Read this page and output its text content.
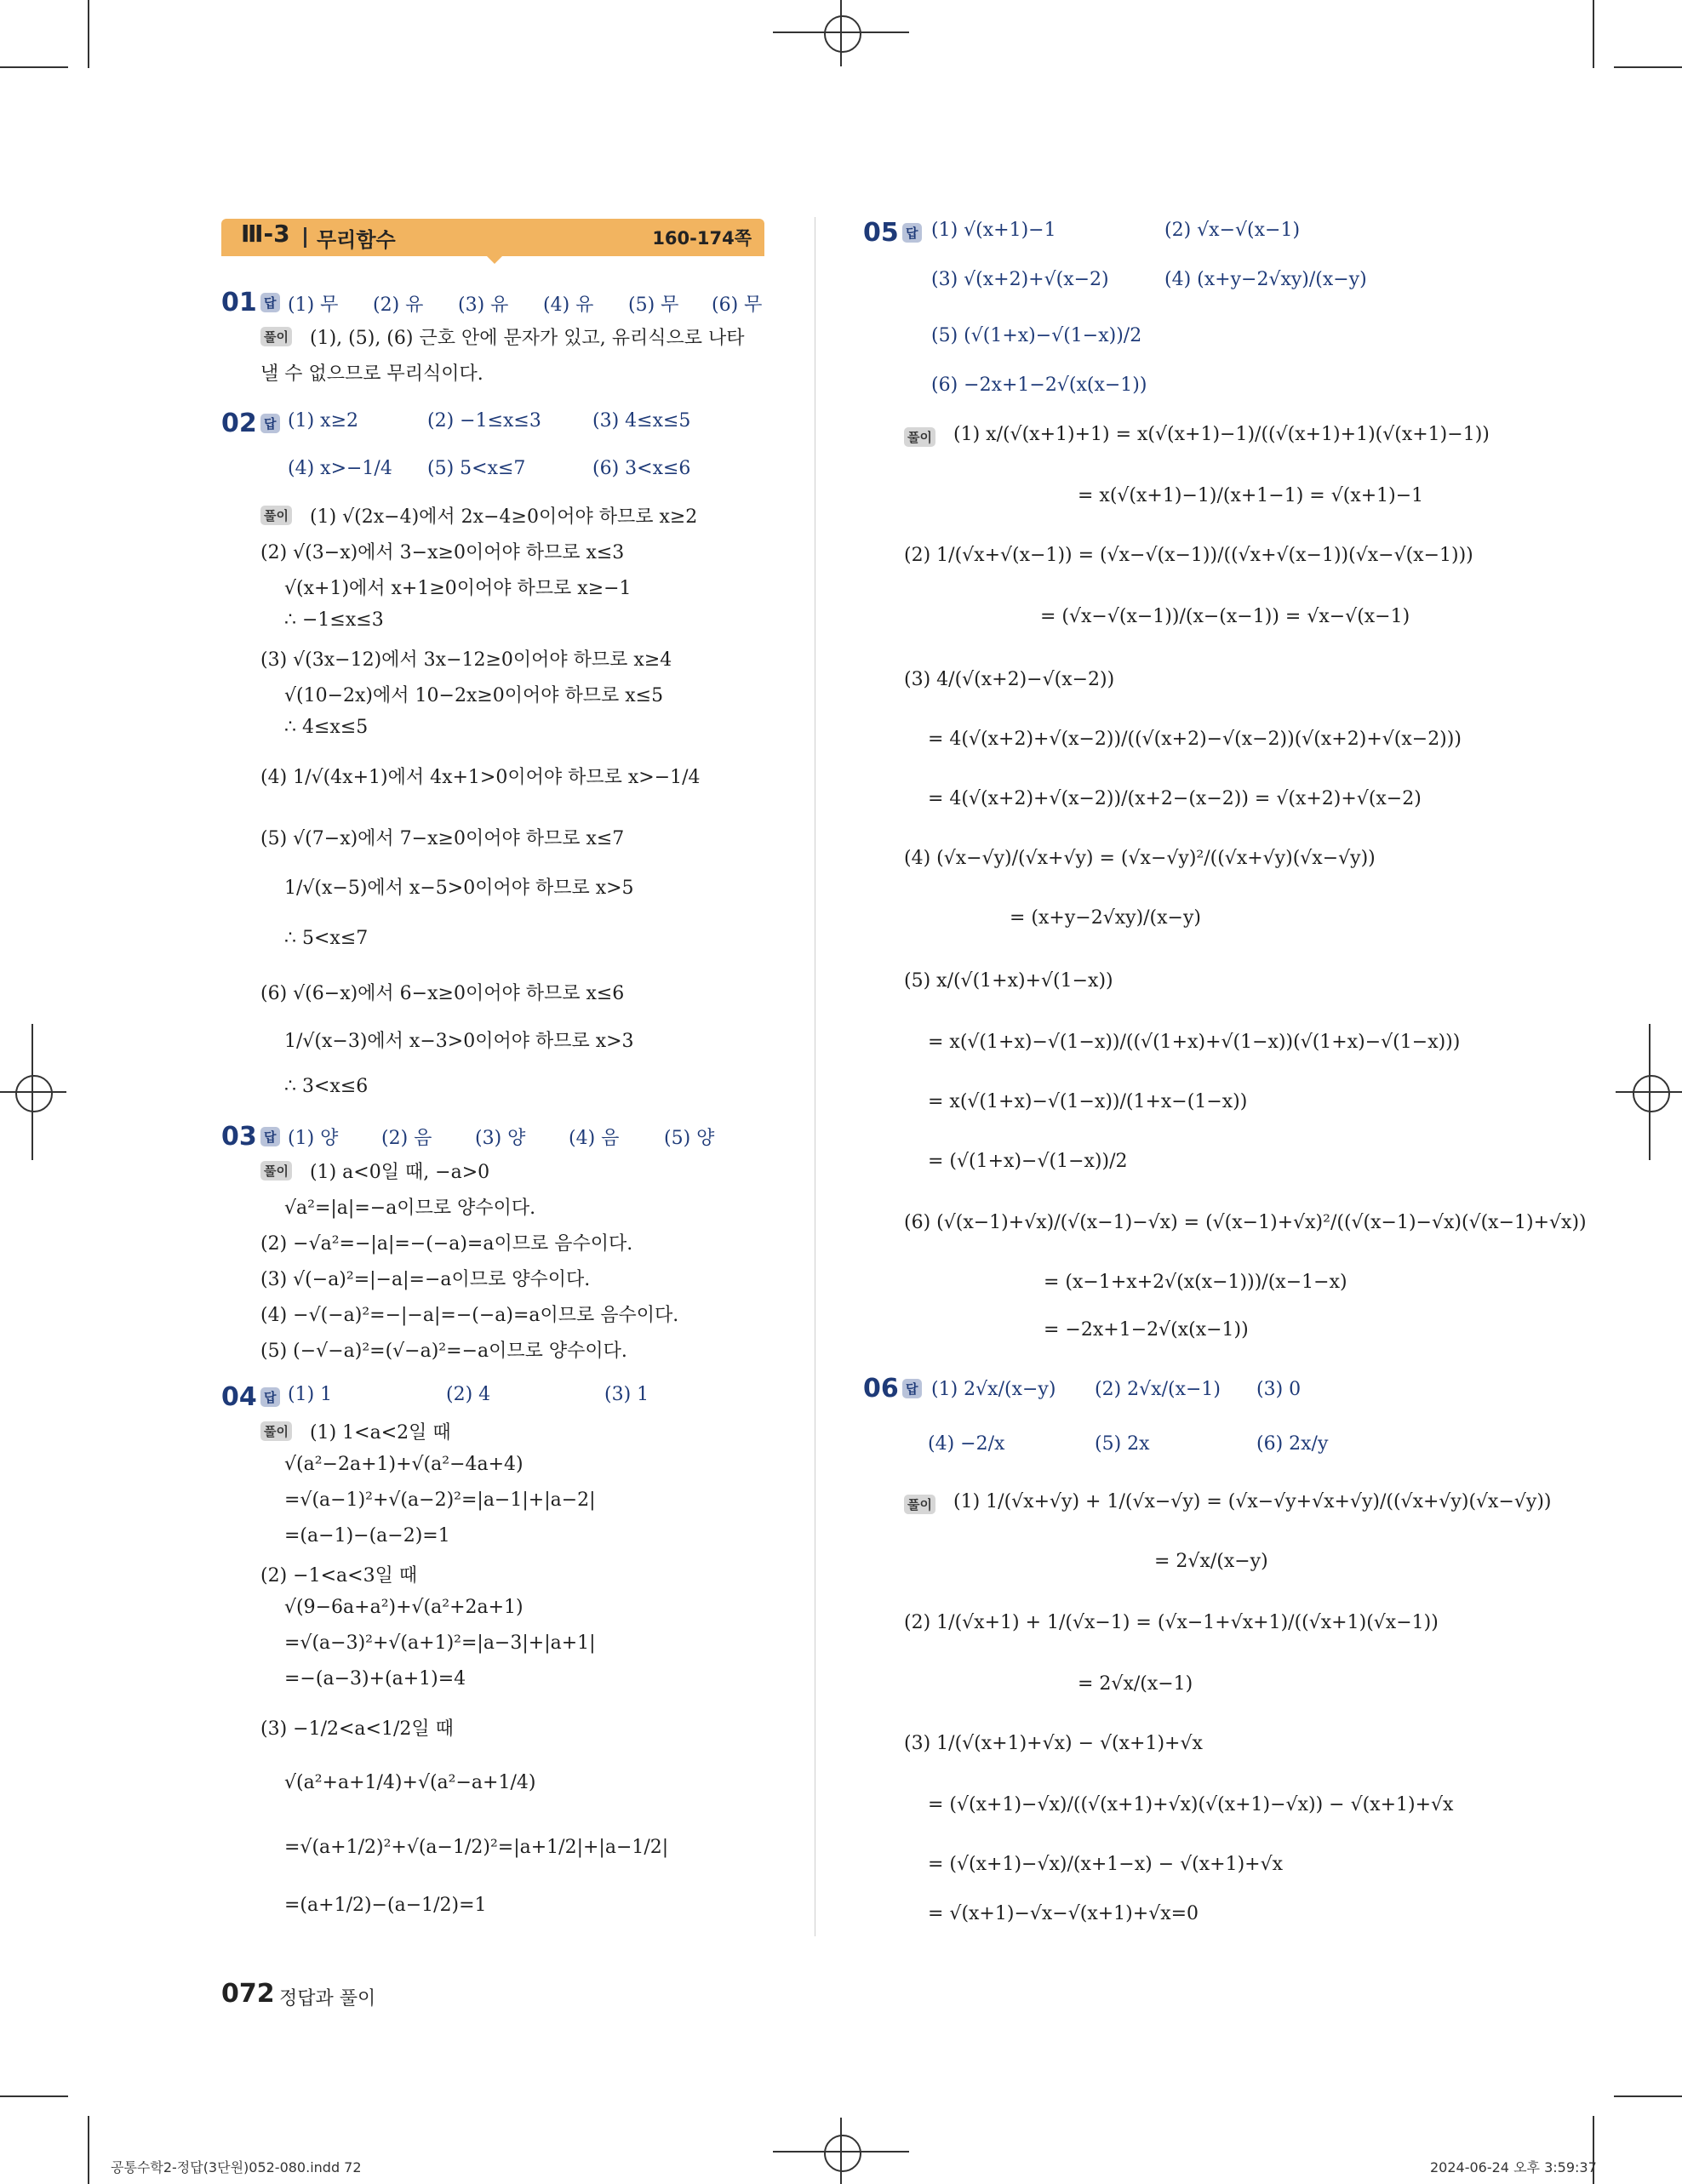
Ⅲ-3 무리함수	160-174쪽
01 답 (1) 무 (2) 유 (3) 유 (4) 유 (5) 무 (6) 무
풀이 (1), (5), (6) 근호 안에 문자가 있고, 유리식으로 나타
낼 수 없으므로 무리식이다.
02 답 (1) x≥2	(2) −1≤x≤3	(3) 4≤x≤5
(4) x>−1/4 (5) 5<x≤7	(6) 3<x≤6
풀이 (1) √(2x−4)에서 2x−4≥0이어야 하므로 x≥2
(2) √(3−x)에서 3−x≥0이어야 하므로 x≤3
√(x+1)에서 x+1≥0이어야 하므로 x≥−1
∴ −1≤x≤3
(3) √(3x−12)에서 3x−12≥0이어야 하므로 x≥4
√(10−2x)에서 10−2x≥0이어야 하므로 x≤5
∴ 4≤x≤5
(4) 1/√(4x+1)에서 4x+1>0이어야 하므로 x>−1/4
(5) √(7−x)에서 7−x≥0이어야 하므로 x≤7
1/√(x−5)에서 x−5>0이어야 하므로 x>5
∴ 5<x≤7
(6) √(6−x)에서 6−x≥0이어야 하므로 x≤6
1/√(x−3)에서 x−3>0이어야 하므로 x>3
∴ 3<x≤6
03 답 (1) 양 (2) 음 (3) 양 (4) 음 (5) 양
풀이 (1) a<0일 때, −a>0
√a²=|a|=−a이므로 양수이다.
(2) −√a²=−|a|=−(−a)=a이므로 음수이다.
(3) √(−a)²=|−a|=−a이므로 양수이다.
(4) −√(−a)²=−|−a|=−(−a)=a이므로 음수이다.
(5) (−√−a)²=(√−a)²=−a이므로 양수이다.
04 답 (1) 1	(2) 4	(3) 1
풀이 (1) 1<a<2일 때
√(a²−2a+1)+√(a²−4a+4)
=√(a−1)²+√(a−2)²=|a−1|+|a−2|
=(a−1)−(a−2)=1
(2) −1<a<3일 때
√(9−6a+a²)+√(a²+2a+1)
=√(a−3)²+√(a+1)²=|a−3|+|a+1|
=−(a−3)+(a+1)=4
(3) −1/2<a<1/2일 때
√(a²+a+1/4)+√(a²−a+1/4)
=√(a+1/2)²+√(a−1/2)²=|a+1/2|+|a−1/2|
=(a+1/2)−(a−1/2)=1
05 답 (1) √(x+1)−1	(2) √x−√(x−1)
(3) √(x+2)+√(x−2)	(4) (x+y−2√xy)/(x−y)
(5) (√(1+x)−√(1−x))/2
(6) −2x+1−2√(x(x−1))
풀이 (1) x/(√(x+1)+1) = x(√(x+1)−1)/((√(x+1)+1)(√(x+1)−1))
= x(√(x+1)−1)/(x+1−1) = √(x+1)−1
(2) 1/(√x+√(x−1)) = (√x−√(x−1))/((√x+√(x−1))(√x−√(x−1)))
= (√x−√(x−1))/(x−(x−1)) = √x−√(x−1)
(3) 4/(√(x+2)−√(x−2))
= 4(√(x+2)+√(x−2))/((√(x+2)−√(x−2))(√(x+2)+√(x−2)))
= 4(√(x+2)+√(x−2))/(x+2−(x−2)) = √(x+2)+√(x−2)
(4) (√x−√y)/(√x+√y) = (√x−√y)²/((√x+√y)(√x−√y))
= (x+y−2√xy)/(x−y)
(5) x/(√(1+x)+√(1−x))
= x(√(1+x)−√(1−x))/((√(1+x)+√(1−x))(√(1+x)−√(1−x)))
= x(√(1+x)−√(1−x))/(1+x−(1−x))
= (√(1+x)−√(1−x))/2
(6) (√(x−1)+√x)/(√(x−1)−√x) = (√(x−1)+√x)²/((√(x−1)−√x)(√(x−1)+√x))
= (x−1+x+2√(x(x−1)))/(x−1−x)
= −2x+1−2√(x(x−1))
06 답 (1) 2√x/(x−y) (2) 2√x/(x−1) (3) 0
(4) −2/x	(5) 2x	(6) 2x/y
풀이 (1) 1/(√x+√y) + 1/(√x−√y) = (√x−√y+√x+√y)/((√x+√y)(√x−√y))
= 2√x/(x−y)
(2) 1/(√x+1) + 1/(√x−1) = (√x−1+√x+1)/((√x+1)(√x−1))
= 2√x/(x−1)
(3) 1/(√(x+1)+√x) − √(x+1)+√x
= (√(x+1)−√x)/((√(x+1)+√x)(√(x+1)−√x)) − √(x+1)+√x
= (√(x+1)−√x)/(x+1−x) − √(x+1)+√x
= √(x+1)−√x−√(x+1)+√x=0
072 정답과 풀이
공통수학2-정답(3단원)052-080.indd 72	2024-06-24 오후 3:59:37
